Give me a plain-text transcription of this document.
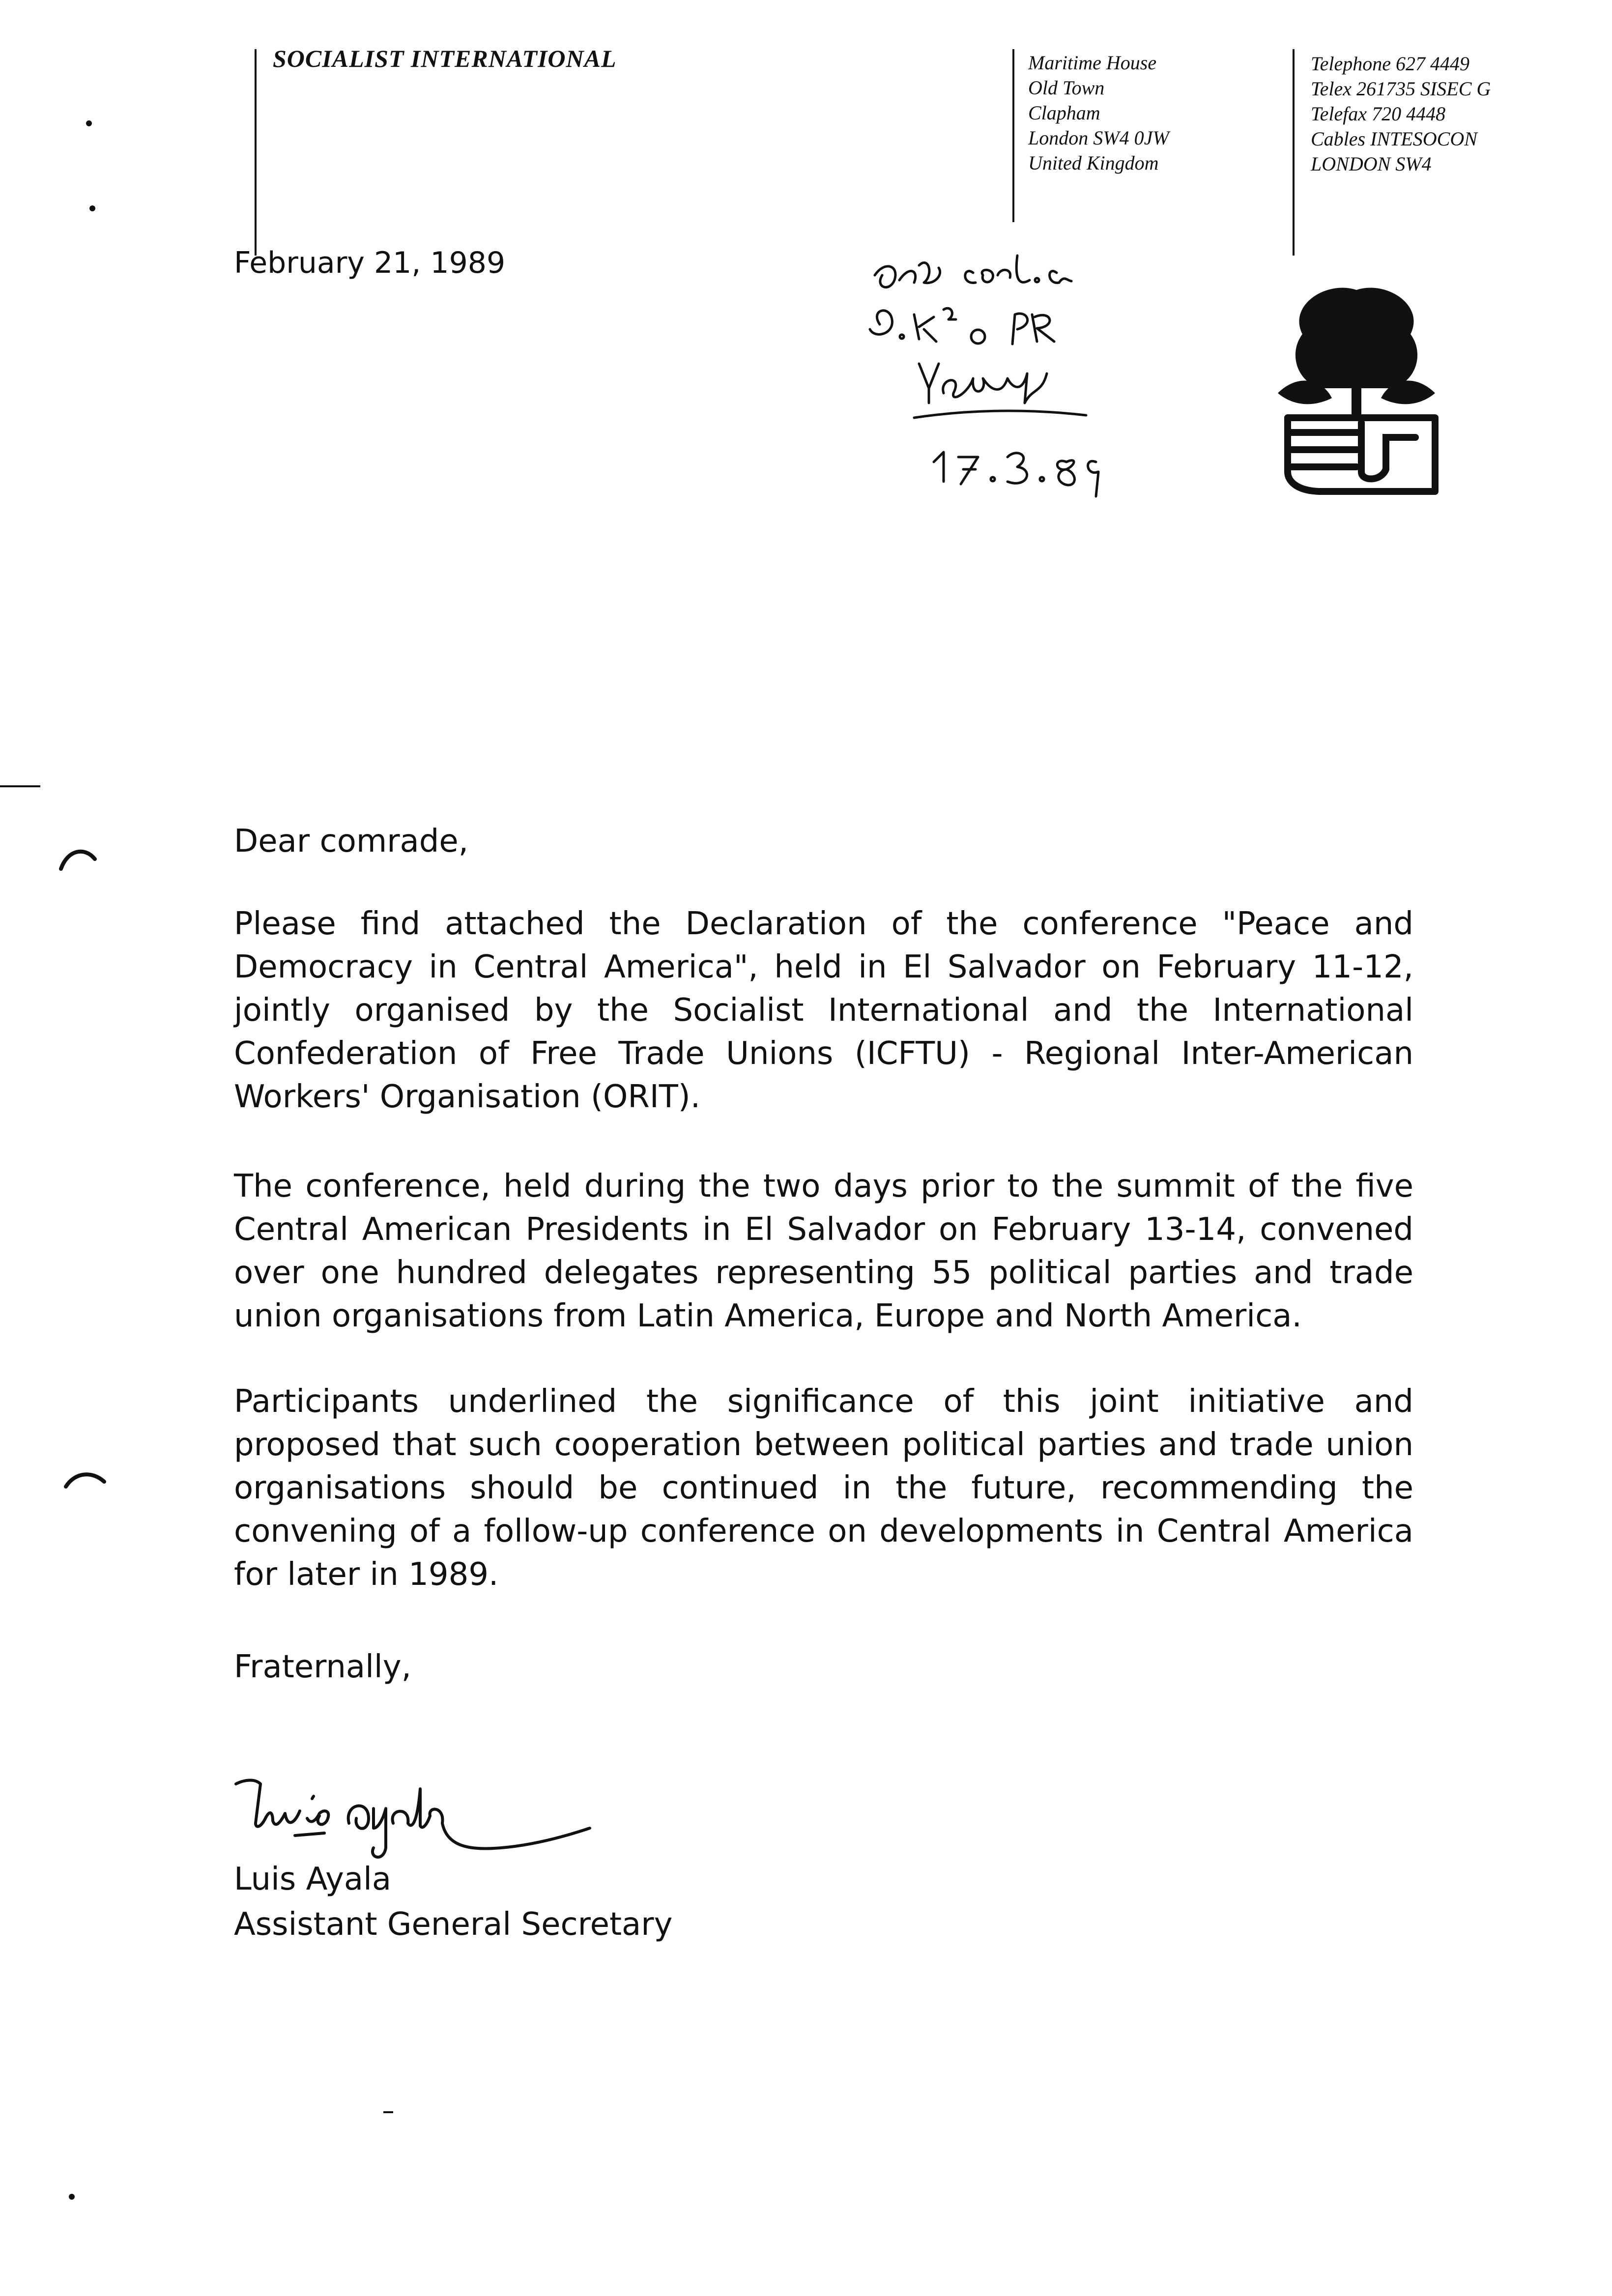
SOCIALIST INTERNATIONAL	Maritime House
Old Town
Clapham
London SW4 0JW
United Kingdom
Telephone 627 4449
Telex 261735 SISEC G
Telefax 720 4448
Cables INTESOCON
LONDON SW4
February 21, 1989
Dear comrade,

Please find attached the Declaration of the conference "Peace and Democracy in Central America", held in El Salvador on February 11-12, jointly organised by the Socialist International and the International Confederation of Free Trade Unions (ICFTU) - Regional Inter-American Workers' Organisation (ORIT).

The conference, held during the two days prior to the summit of the five Central American Presidents in El Salvador on February 13-14, convened over one hundred delegates representing 55 political parties and trade union organisations from Latin America, Europe and North America.

Participants underlined the significance of this joint initiative and proposed that such cooperation between political parties and trade union organisations should be continued in the future, recommending the convening of a follow-up conference on developments in Central America for later in 1989.

Fraternally,
Luis Ayala
Assistant General Secretary
